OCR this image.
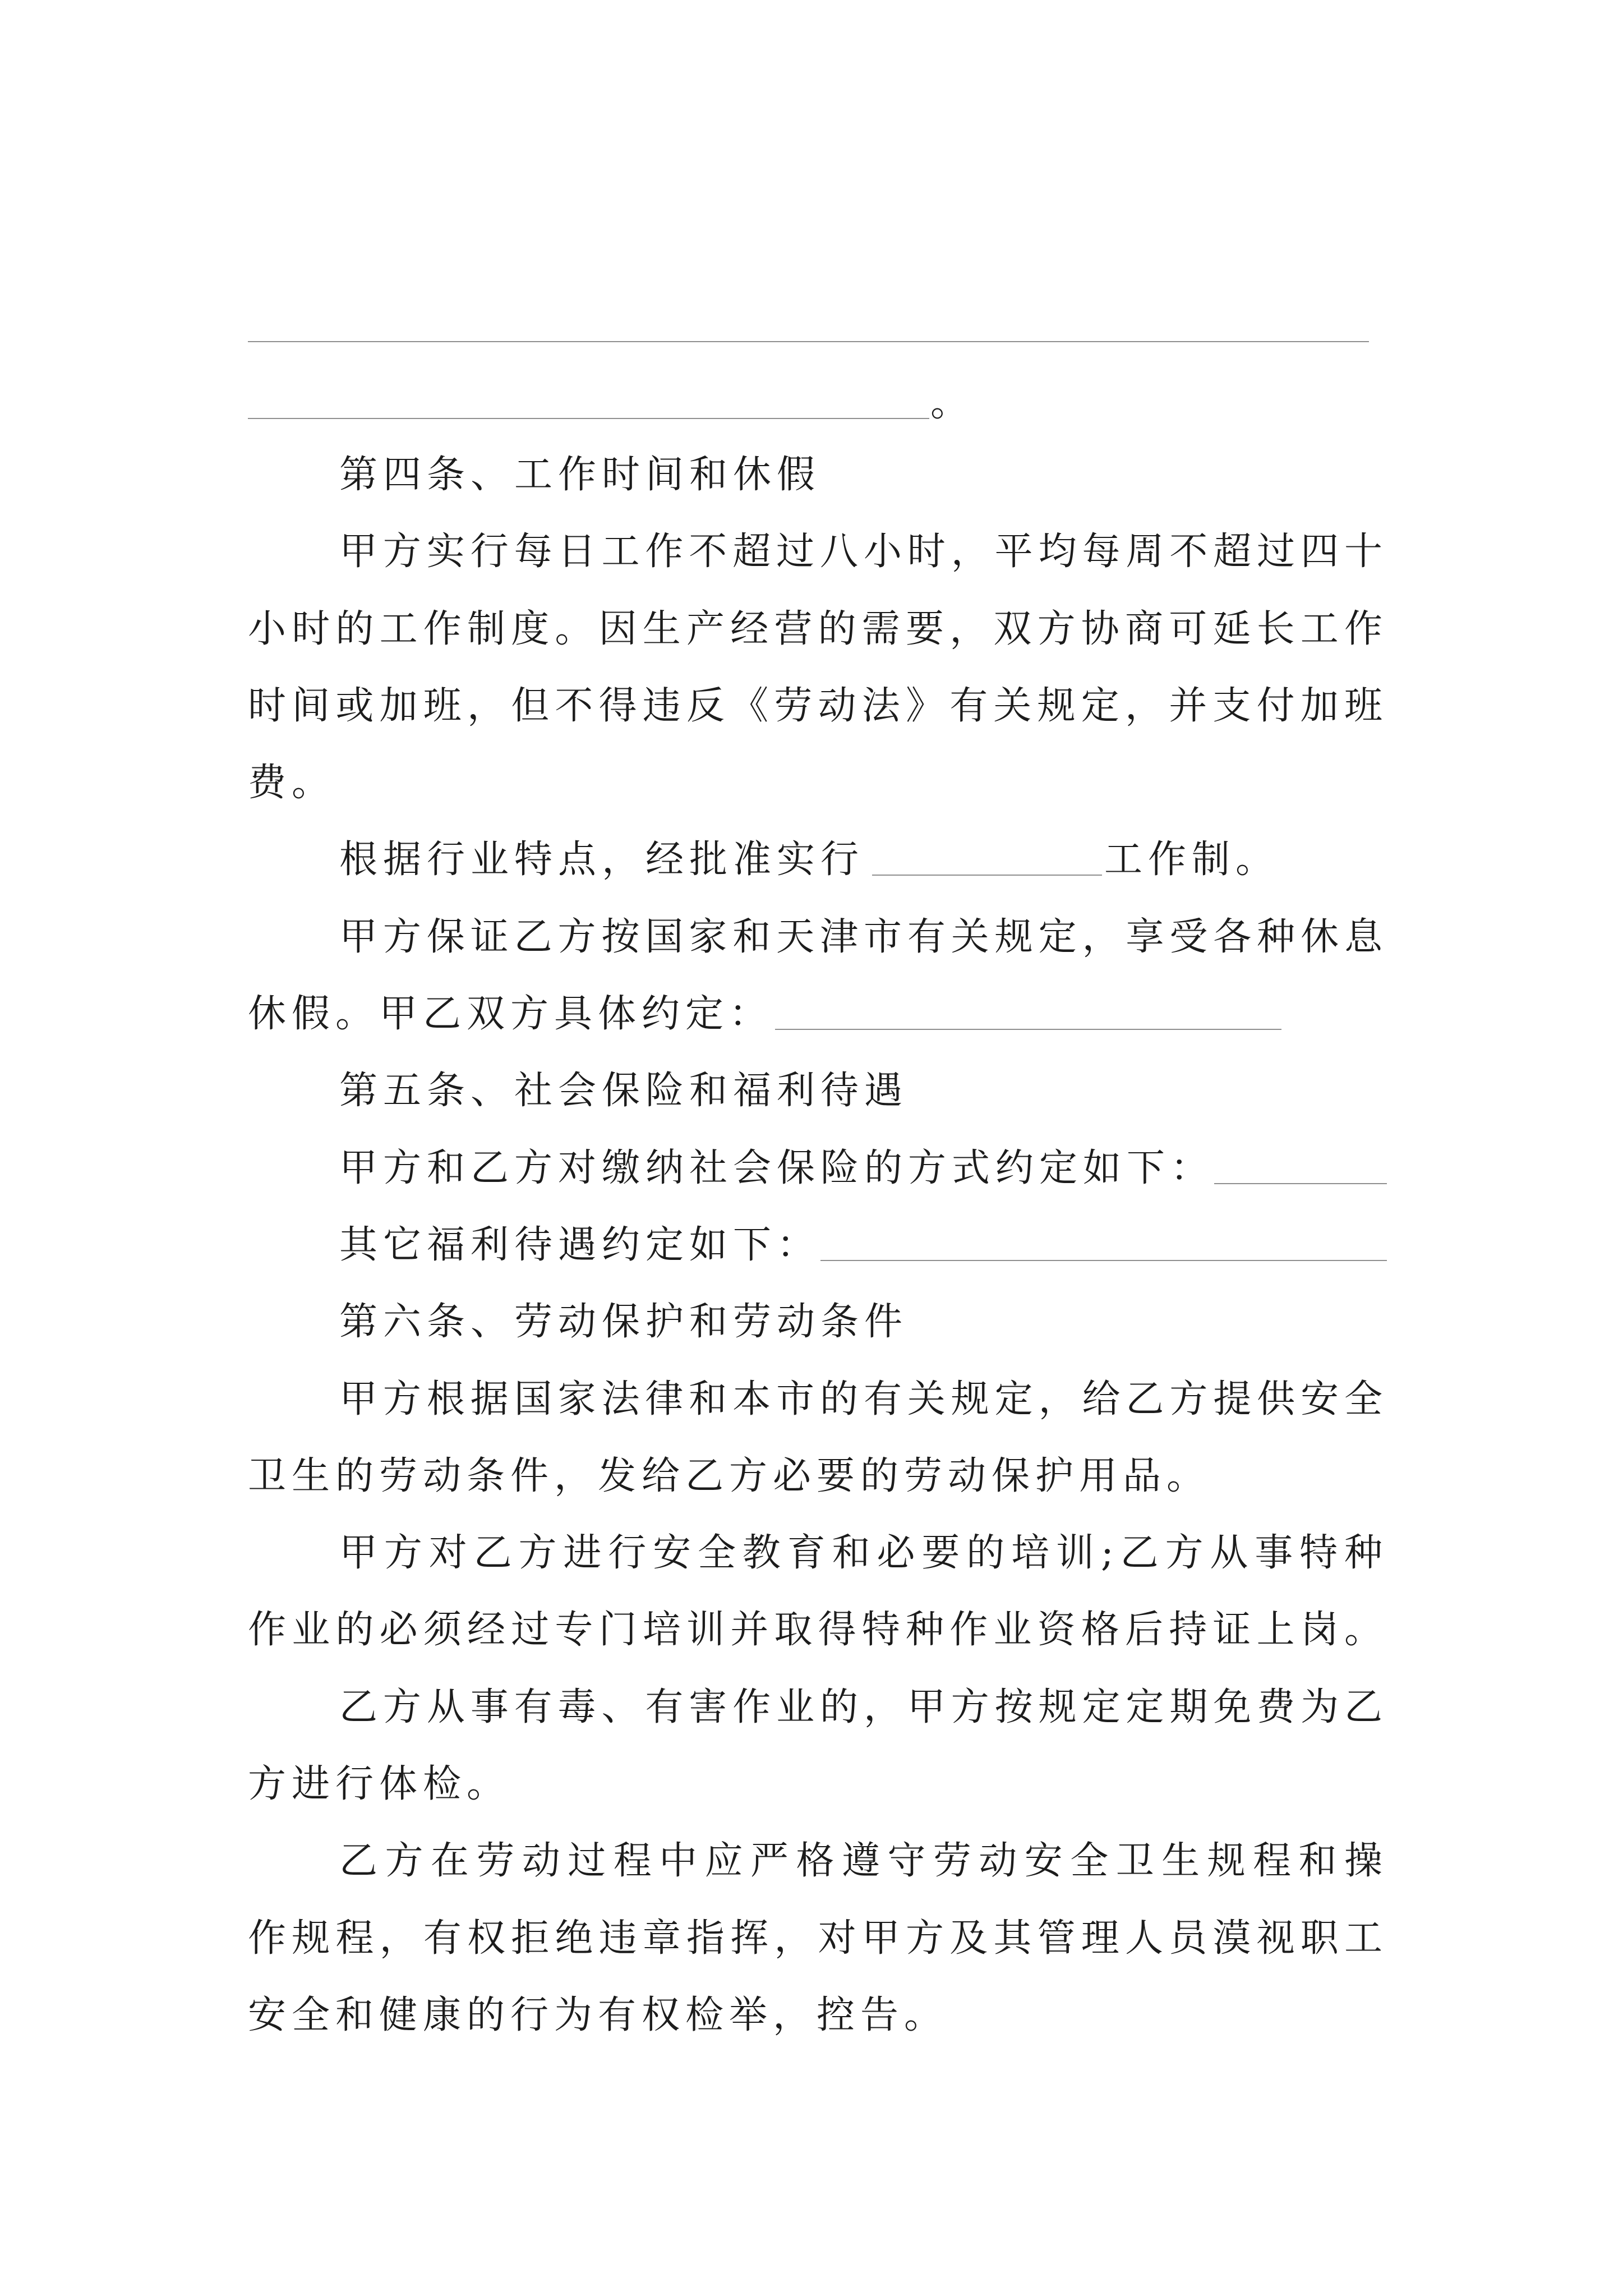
。
第四条、工作时间和休假
甲方实行每日工作不超过八小时，平均每周不超过四十
小时的工作制度。因生产经营的需要，双方协商可延长工作
时间或加班，但不得违反《劳动法》有关规定，并支付加班
费。
根据行业特点，经批准实行	工作制。
甲方保证乙方按国家和天津市有关规定，享受各种休息
休假。甲乙双方具体约定：
第五条、社会保险和福利待遇
甲方和乙方对缴纳社会保险的方式约定如下：
其它福利待遇约定如下：
第六条、劳动保护和劳动条件
甲方根据国家法律和本市的有关规定，给乙方提供安全
卫生的劳动条件，发给乙方必要的劳动保护用品。
甲方对乙方进行安全教育和必要的培训;乙方从事特种
作业的必须经过专门培训并取得特种作业资格后持证上岗。
乙方从事有毒、有害作业的，甲方按规定定期免费为乙
方进行体检。
乙方在劳动过程中应严格遵守劳动安全卫生规程和操
作规程，有权拒绝违章指挥，对甲方及其管理人员漠视职工
安全和健康的行为有权检举，控告。
